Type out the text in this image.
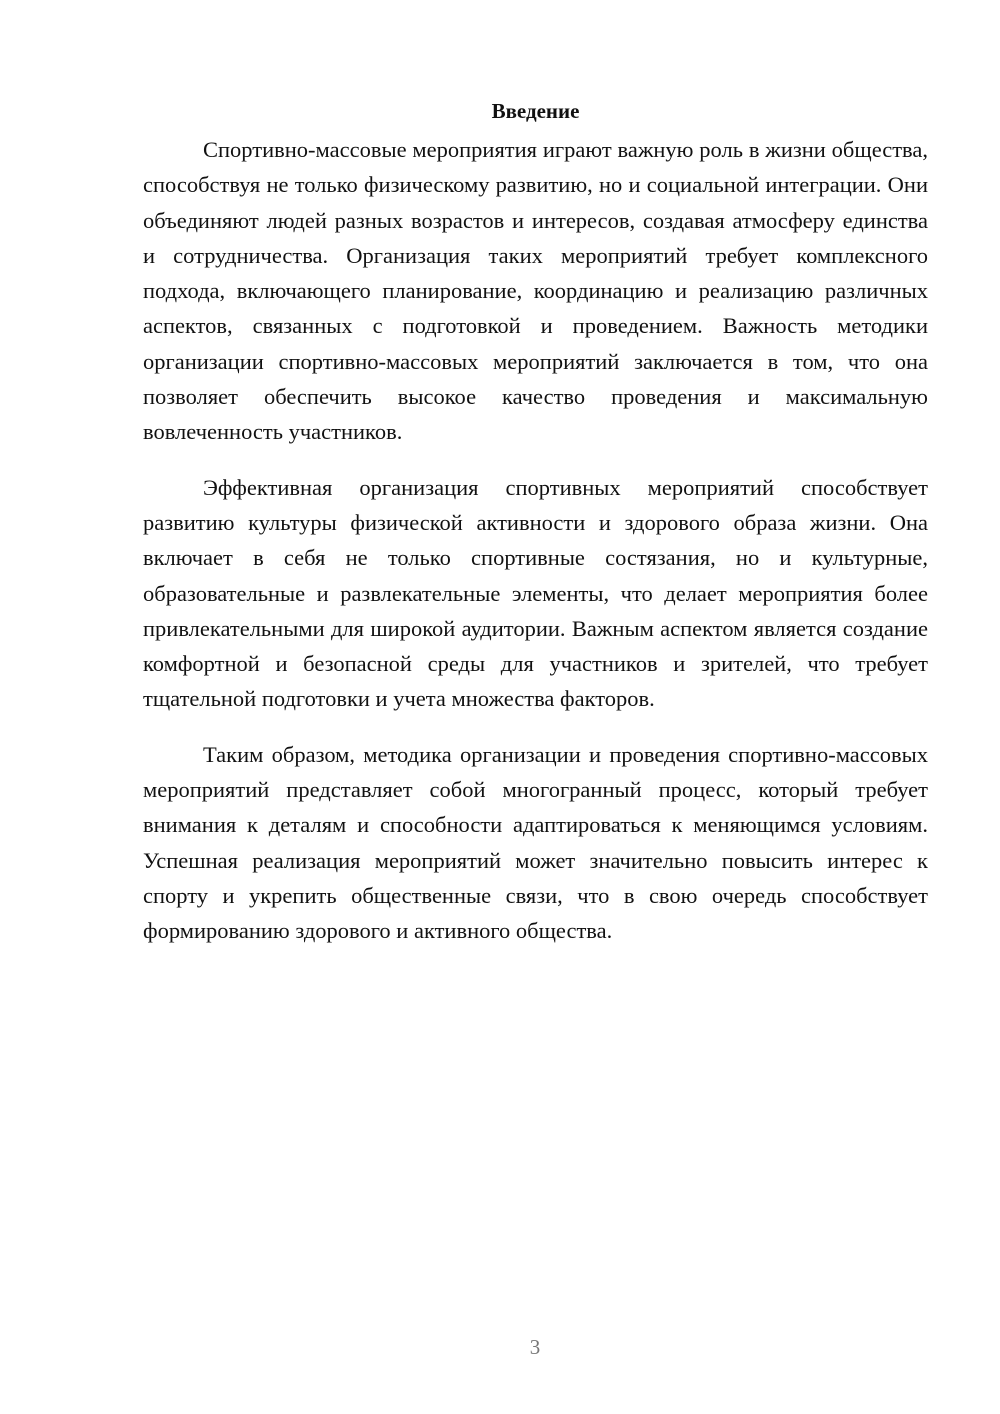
Введение

Спортивно-массовые мероприятия играют важную роль в жизни общества, способствуя не только физическому развитию, но и социальной интеграции. Они объединяют людей разных возрастов и интересов, создавая атмосферу единства и сотрудничества. Организация таких мероприятий требует комплексного подхода, включающего планирование, координацию и реализацию различных аспектов, связанных с подготовкой и проведением. Важность методики организации спортивно-массовых мероприятий заключается в том, что она позволяет обеспечить высокое качество проведения и максимальную вовлеченность участников.

Эффективная организация спортивных мероприятий способствует развитию культуры физической активности и здорового образа жизни. Она включает в себя не только спортивные состязания, но и культурные, образовательные и развлекательные элементы, что делает мероприятия более привлекательными для широкой аудитории. Важным аспектом является создание комфортной и безопасной среды для участников и зрителей, что требует тщательной подготовки и учета множества факторов.

Таким образом, методика организации и проведения спортивно-массовых мероприятий представляет собой многогранный процесс, который требует внимания к деталям и способности адаптироваться к меняющимся условиям. Успешная реализация мероприятий может значительно повысить интерес к спорту и укрепить общественные связи, что в свою очередь способствует формированию здорового и активного общества.

3
